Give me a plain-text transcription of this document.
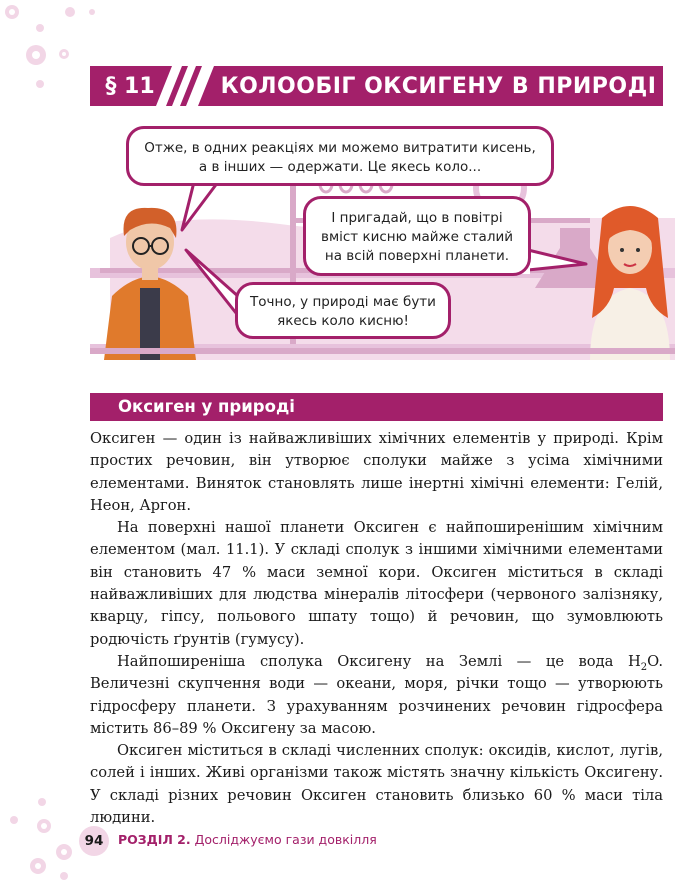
§ 11	КОЛООБІГ ОКСИГЕНУ В ПРИРОДІ
Отже, в одних реакціях ми можемо витратити кисень,
а в інших — одержати. Це якесь коло...
І пригадай, що в повітрі
вміст кисню майже сталий
на всій поверхні планети.
Точно, у природі має бути
якесь коло кисню!
Оксиген у природі

Оксиген — один із найважливіших хімічних елементів у природі. Крім простих речовин, він утворює сполуки майже з усіма хімічними елементами. Виняток становлять лише інертні хімічні елементи: Гелій, Неон, Аргон.

На поверхні нашої планети Оксиген є найпоширенішим хімічним елементом (мал. 11.1). У складі сполук з іншими хімічними елементами він становить 47 % маси земної кори. Оксиген міститься в складі найважливіших для людства мінералів літосфери (червоного залізняку, кварцу, гіпсу, польового шпату тощо) й речовин, що зумовлюють родючість ґрунтів (гумусу).

Найпоширеніша сполука Оксигену на Землі — це вода $H_2O$. Величезні скупчення води — океани, моря, річки тощо — утворюють гідросферу планети. З урахуванням розчинених речовин гідросфера містить 86–89 % Оксигену за масою.

Оксиген міститься в складі численних сполук: оксидів, кислот, лугів, солей і інших. Живі організми також містять значну кількість Оксигену. У складі різних речовин Оксиген становить близько 60 % маси тіла людини.

94	РОЗДІЛ 2. Досліджуємо гази довкілля
